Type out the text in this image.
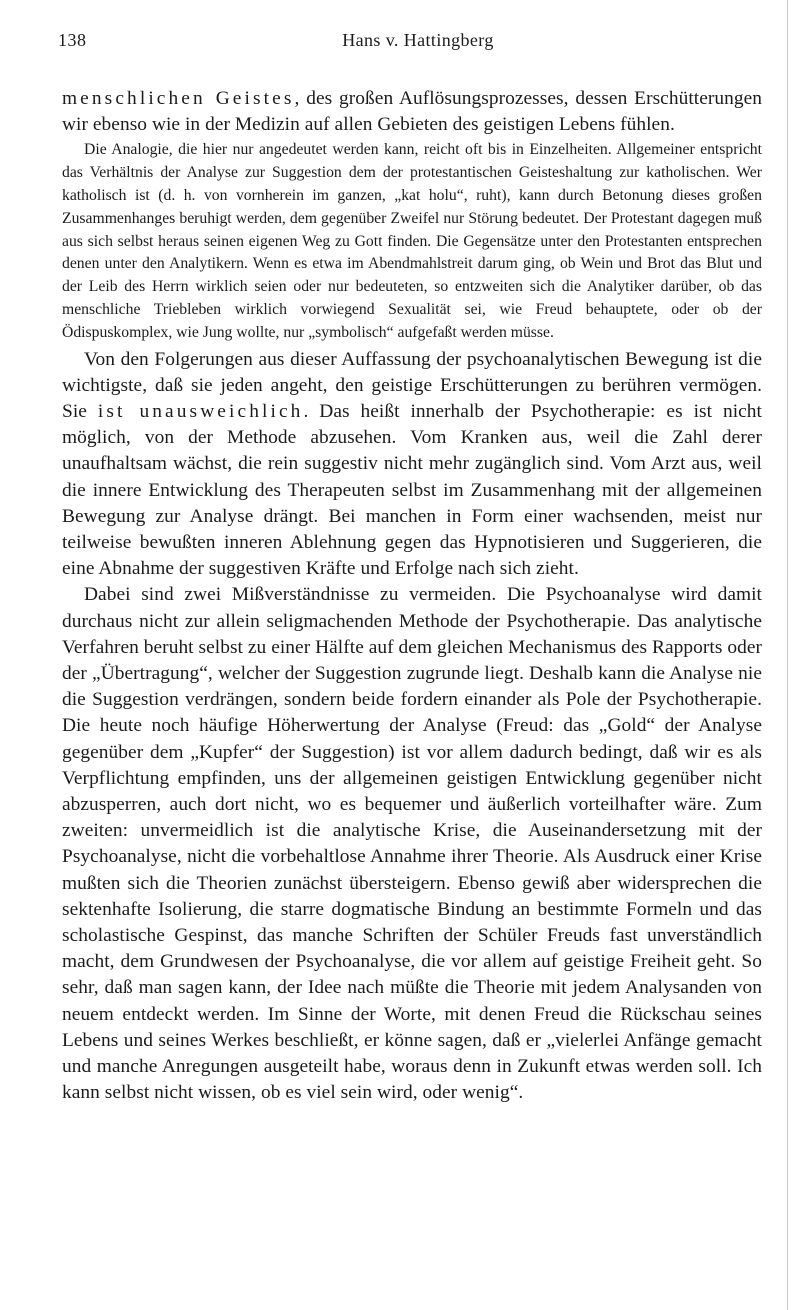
Hans v. Hattingberg
138

menschlichen Geistes, des großen Auflösungsprozesses, dessen Erschütterungen wir ebenso wie in der Medizin auf allen Gebieten des geistigen Lebens fühlen.

Die Analogie, die hier nur angedeutet werden kann, reicht oft bis in Einzelheiten. Allgemeiner entspricht das Verhältnis der Analyse zur Suggestion dem der protestantischen Geisteshaltung zur katholischen. Wer katholisch ist (d. h. von vornherein im ganzen, „kat holu“, ruht), kann durch Betonung dieses großen Zusammenhanges beruhigt werden, dem gegenüber Zweifel nur Störung bedeutet. Der Protestant dagegen muß aus sich selbst heraus seinen eigenen Weg zu Gott finden. Die Gegensätze unter den Protestanten entsprechen denen unter den Analytikern. Wenn es etwa im Abendmahlstreit darum ging, ob Wein und Brot das Blut und der Leib des Herrn wirklich seien oder nur bedeuteten, so entzweiten sich die Analytiker darüber, ob das menschliche Triebleben wirklich vorwiegend Sexualität sei, wie Freud behauptete, oder ob der Ödispuskomplex, wie Jung wollte, nur „symbolisch“ aufgefaßt werden müsse.

Von den Folgerungen aus dieser Auffassung der psychoanalytischen Bewegung ist die wichtigste, daß sie jeden angeht, den geistige Erschütterungen zu berühren vermögen. Sie ist unausweichlich. Das heißt innerhalb der Psychotherapie: es ist nicht möglich, von der Methode abzusehen. Vom Kranken aus, weil die Zahl derer unaufhaltsam wächst, die rein suggestiv nicht mehr zugänglich sind. Vom Arzt aus, weil die innere Entwicklung des Therapeuten selbst im Zusammenhang mit der allgemeinen Bewegung zur Analyse drängt. Bei manchen in Form einer wachsenden, meist nur teilweise bewußten inneren Ablehnung gegen das Hypnotisieren und Suggerieren, die eine Abnahme der suggestiven Kräfte und Erfolge nach sich zieht.

Dabei sind zwei Mißverständnisse zu vermeiden. Die Psychoanalyse wird damit durchaus nicht zur allein seligmachenden Methode der Psychotherapie. Das analytische Verfahren beruht selbst zu einer Hälfte auf dem gleichen Mechanismus des Rapports oder der „Übertragung“, welcher der Suggestion zugrunde liegt. Deshalb kann die Analyse nie die Suggestion verdrängen, sondern beide fordern einander als Pole der Psychotherapie. Die heute noch häufige Höherwertung der Analyse (Freud: das „Gold“ der Analyse gegenüber dem „Kupfer“ der Suggestion) ist vor allem dadurch bedingt, daß wir es als Verpflichtung empfinden, uns der allgemeinen geistigen Entwicklung gegenüber nicht abzusperren, auch dort nicht, wo es bequemer und äußerlich vorteilhafter wäre. Zum zweiten: unvermeidlich ist die analytische Krise, die Auseinandersetzung mit der Psychoanalyse, nicht die vorbehaltlose Annahme ihrer Theorie. Als Ausdruck einer Krise mußten sich die Theorien zunächst übersteigern. Ebenso gewiß aber widersprechen die sektenhafte Isolierung, die starre dogmatische Bindung an bestimmte Formeln und das scholastische Gespinst, das manche Schriften der Schüler Freuds fast unverständlich macht, dem Grundwesen der Psychoanalyse, die vor allem auf geistige Freiheit geht. So sehr, daß man sagen kann, der Idee nach müßte die Theorie mit jedem Analysanden von neuem entdeckt werden. Im Sinne der Worte, mit denen Freud die Rückschau seines Lebens und seines Werkes beschließt, er könne sagen, daß er „vielerlei Anfänge gemacht und manche Anregungen ausgeteilt habe, woraus denn in Zukunft etwas werden soll. Ich kann selbst nicht wissen, ob es viel sein wird, oder wenig“.
